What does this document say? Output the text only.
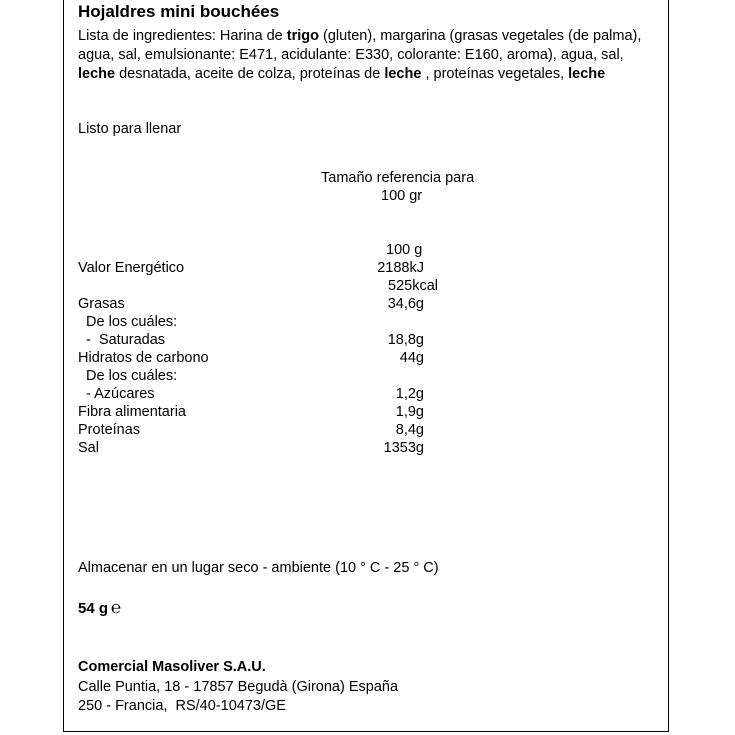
Hojaldres mini bouchées
Lista de ingredientes: Harina de trigo (gluten), margarina (grasas vegetales (de palma), agua, sal, emulsionante: E471, acidulante: E330, colorante: E160, aroma), agua, sal, leche desnatada, aceite de colza, proteínas de leche , proteínas vegetales, leche
Listo para llenar
Tamaño referencia para
100 gr
100 g
Valor Energético	2188kJ
525kcal
Grasas	34,6g
De los cuáles:
-  Saturadas	18,8g
Hidratos de carbono	44g
De los cuáles:
- Azúcares	1,2g
Fibra alimentaria	1,9g
Proteínas	8,4g
Sal	1353g
Almacenar en un lugar seco - ambiente (10 ° C - 25 ° C)
54 g ℮
Comercial Masoliver S.A.U.
Calle Puntia, 18 - 17857 Begudà (Girona) España
250 - Francia,  RS/40-10473/GE
